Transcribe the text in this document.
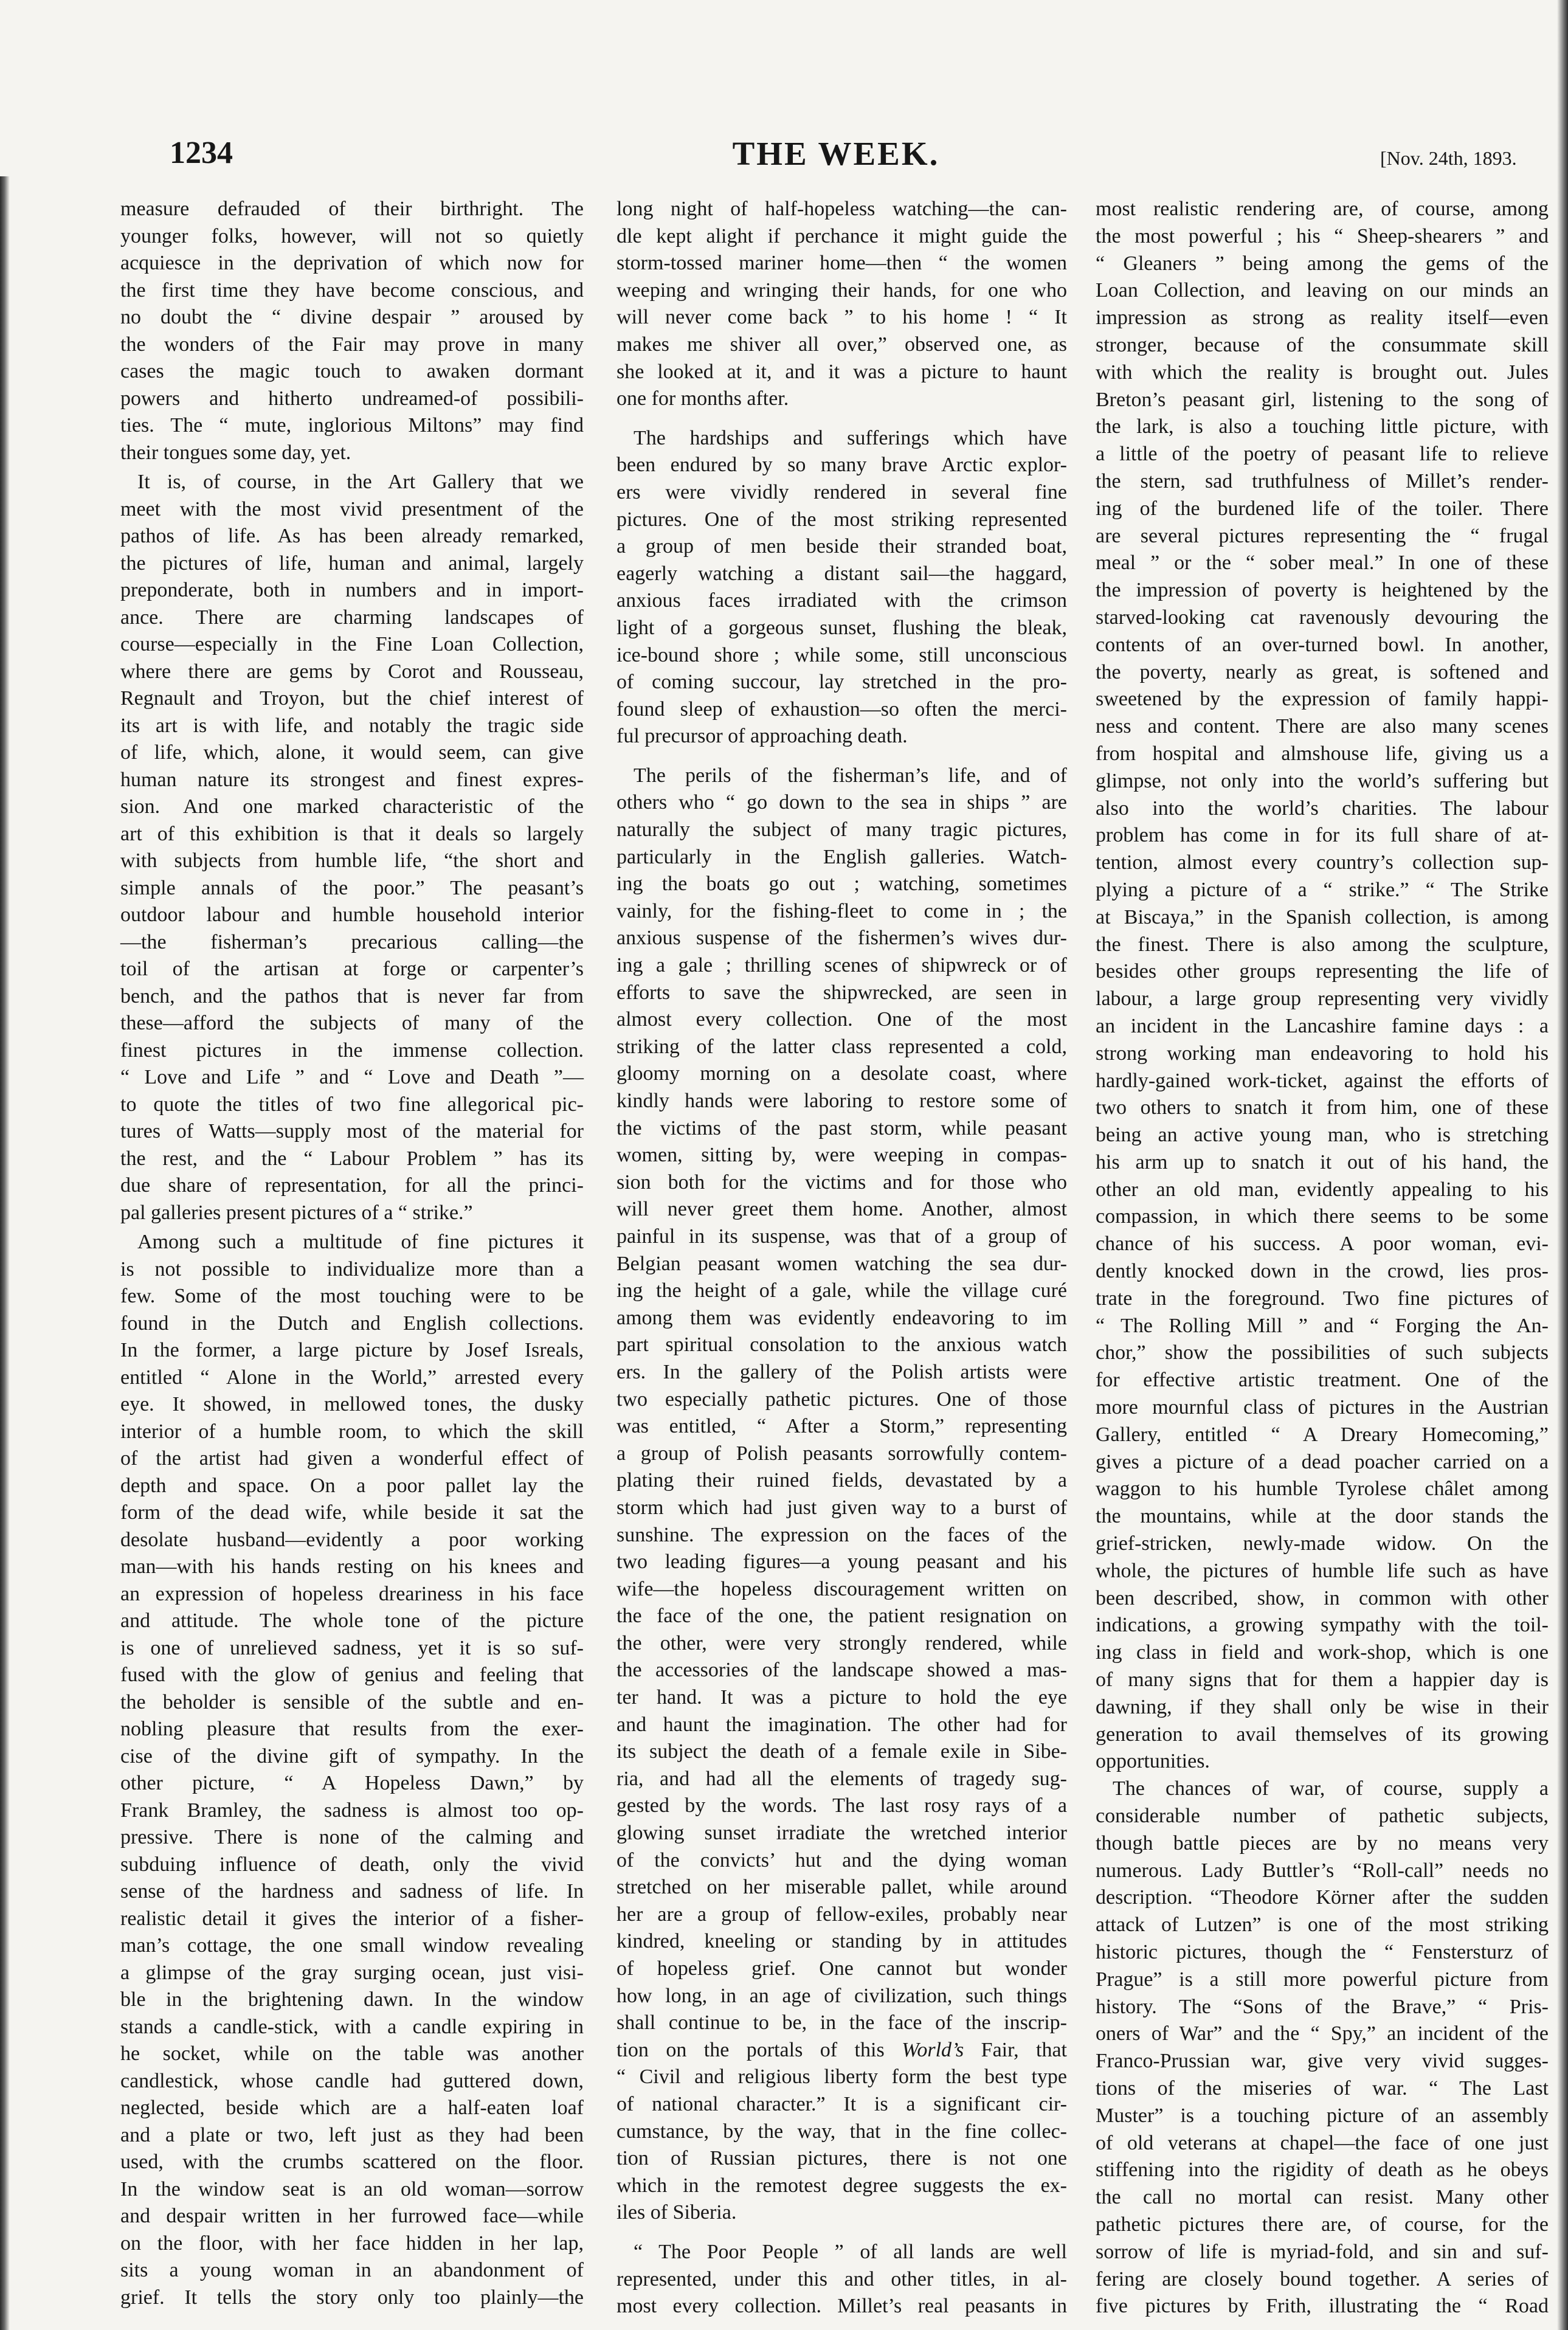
1234	THE WEEK.	[Nov. 24th, 1893.
measure defrauded of their birthright. The
younger folks, however, will not so quietly
acquiesce in the deprivation of which now for
the first time they have become conscious, and
no doubt the “ divine despair ” aroused by
the wonders of the Fair may prove in many
cases the magic touch to awaken dormant
powers and hitherto undreamed-of possibili-
ties. The “ mute, inglorious Miltons” may find
their tongues some day, yet.
It is, of course, in the Art Gallery that we
meet with the most vivid presentment of the
pathos of life. As has been already remarked,
the pictures of life, human and animal, largely
preponderate, both in numbers and in import-
ance. There are charming landscapes of
course—especially in the Fine Loan Collection,
where there are gems by Corot and Rousseau,
Regnault and Troyon, but the chief interest of
its art is with life, and notably the tragic side
of life, which, alone, it would seem, can give
human nature its strongest and finest expres-
sion. And one marked characteristic of the
art of this exhibition is that it deals so largely
with subjects from humble life, “the short and
simple annals of the poor.” The peasant’s
outdoor labour and humble household interior
—the fisherman’s precarious calling—the
toil of the artisan at forge or carpenter’s
bench, and the pathos that is never far from
these—afford the subjects of many of the
finest pictures in the immense collection.
“ Love and Life ” and “ Love and Death ”—
to quote the titles of two fine allegorical pic-
tures of Watts—supply most of the material for
the rest, and the “ Labour Problem ” has its
due share of representation, for all the princi-
pal galleries present pictures of a “ strike.”
Among such a multitude of fine pictures it
is not possible to individualize more than a
few. Some of the most touching were to be
found in the Dutch and English collections.
In the former, a large picture by Josef Isreals,
entitled “ Alone in the World,” arrested every
eye. It showed, in mellowed tones, the dusky
interior of a humble room, to which the skill
of the artist had given a wonderful effect of
depth and space. On a poor pallet lay the
form of the dead wife, while beside it sat the
desolate husband—evidently a poor working
man—with his hands resting on his knees and
an expression of hopeless dreariness in his face
and attitude. The whole tone of the picture
is one of unrelieved sadness, yet it is so suf-
fused with the glow of genius and feeling that
the beholder is sensible of the subtle and en-
nobling pleasure that results from the exer-
cise of the divine gift of sympathy. In the
other picture, “ A Hopeless Dawn,” by
Frank Bramley, the sadness is almost too op-
pressive. There is none of the calming and
subduing influence of death, only the vivid
sense of the hardness and sadness of life. In
realistic detail it gives the interior of a fisher-
man’s cottage, the one small window revealing
a glimpse of the gray surging ocean, just visi-
ble in the brightening dawn. In the window
stands a candle-stick, with a candle expiring in
he socket, while on the table was another
candlestick, whose candle had guttered down,
neglected, beside which are a half-eaten loaf
and a plate or two, left just as they had been
used, with the crumbs scattered on the floor.
In the window seat is an old woman—sorrow
and despair written in her furrowed face—while
on the floor, with her face hidden in her lap,
sits a young woman in an abandonment of
grief. It tells the story only too plainly—the
long night of half-hopeless watching—the can-
dle kept alight if perchance it might guide the
storm-tossed mariner home—then “ the women
weeping and wringing their hands, for one who
will never come back ” to his home ! “ It
makes me shiver all over,” observed one, as
she looked at it, and it was a picture to haunt
one for months after.
The hardships and sufferings which have
been endured by so many brave Arctic explor-
ers were vividly rendered in several fine
pictures. One of the most striking represented
a group of men beside their stranded boat,
eagerly watching a distant sail—the haggard,
anxious faces irradiated with the crimson
light of a gorgeous sunset, flushing the bleak,
ice-bound shore ; while some, still unconscious
of coming succour, lay stretched in the pro-
found sleep of exhaustion—so often the merci-
ful precursor of approaching death.
The perils of the fisherman’s life, and of
others who “ go down to the sea in ships ” are
naturally the subject of many tragic pictures,
particularly in the English galleries. Watch-
ing the boats go out ; watching, sometimes
vainly, for the fishing-fleet to come in ; the
anxious suspense of the fishermen’s wives dur-
ing a gale ; thrilling scenes of shipwreck or of
efforts to save the shipwrecked, are seen in
almost every collection. One of the most
striking of the latter class represented a cold,
gloomy morning on a desolate coast, where
kindly hands were laboring to restore some of
the victims of the past storm, while peasant
women, sitting by, were weeping in compas-
sion both for the victims and for those who
will never greet them home. Another, almost
painful in its suspense, was that of a group of
Belgian peasant women watching the sea dur-
ing the height of a gale, while the village curé
among them was evidently endeavoring to im
part spiritual consolation to the anxious watch
ers. In the gallery of the Polish artists were
two especially pathetic pictures. One of those
was entitled, “ After a Storm,” representing
a group of Polish peasants sorrowfully contem-
plating their ruined fields, devastated by a
storm which had just given way to a burst of
sunshine. The expression on the faces of the
two leading figures—a young peasant and his
wife—the hopeless discouragement written on
the face of the one, the patient resignation on
the other, were very strongly rendered, while
the accessories of the landscape showed a mas-
ter hand. It was a picture to hold the eye
and haunt the imagination. The other had for
its subject the death of a female exile in Sibe-
ria, and had all the elements of tragedy sug-
gested by the words. The last rosy rays of a
glowing sunset irradiate the wretched interior
of the convicts’ hut and the dying woman
stretched on her miserable pallet, while around
her are a group of fellow-exiles, probably near
kindred, kneeling or standing by in attitudes
of hopeless grief. One cannot but wonder
how long, in an age of civilization, such things
shall continue to be, in the face of the inscrip-
tion on the portals of this World’s Fair, that
“ Civil and religious liberty form the best type
of national character.” It is a significant cir-
cumstance, by the way, that in the fine collec-
tion of Russian pictures, there is not one
which in the remotest degree suggests the ex-
iles of Siberia.
“ The Poor People ” of all lands are well
represented, under this and other titles, in al-
most every collection. Millet’s real peasants in
most realistic rendering are, of course, among
the most powerful ; his “ Sheep-shearers ” and
“ Gleaners ” being among the gems of the
Loan Collection, and leaving on our minds an
impression as strong as reality itself—even
stronger, because of the consummate skill
with which the reality is brought out. Jules
Breton’s peasant girl, listening to the song of
the lark, is also a touching little picture, with
a little of the poetry of peasant life to relieve
the stern, sad truthfulness of Millet’s render-
ing of the burdened life of the toiler. There
are several pictures representing the “ frugal
meal ” or the “ sober meal.” In one of these
the impression of poverty is heightened by the
starved-looking cat ravenously devouring the
contents of an over-turned bowl. In another,
the poverty, nearly as great, is softened and
sweetened by the expression of family happi-
ness and content. There are also many scenes
from hospital and almshouse life, giving us a
glimpse, not only into the world’s suffering but
also into the world’s charities. The labour
problem has come in for its full share of at-
tention, almost every country’s collection sup-
plying a picture of a “ strike.” “ The Strike
at Biscaya,” in the Spanish collection, is among
the finest. There is also among the sculpture,
besides other groups representing the life of
labour, a large group representing very vividly
an incident in the Lancashire famine days : a
strong working man endeavoring to hold his
hardly-gained work-ticket, against the efforts of
two others to snatch it from him, one of these
being an active young man, who is stretching
his arm up to snatch it out of his hand, the
other an old man, evidently appealing to his
compassion, in which there seems to be some
chance of his success. A poor woman, evi-
dently knocked down in the crowd, lies pros-
trate in the foreground. Two fine pictures of
“ The Rolling Mill ” and “ Forging the An-
chor,” show the possibilities of such subjects
for effective artistic treatment. One of the
more mournful class of pictures in the Austrian
Gallery, entitled “ A Dreary Homecoming,”
gives a picture of a dead poacher carried on a
waggon to his humble Tyrolese châlet among
the mountains, while at the door stands the
grief-stricken, newly-made widow. On the
whole, the pictures of humble life such as have
been described, show, in common with other
indications, a growing sympathy with the toil-
ing class in field and work-shop, which is one
of many signs that for them a happier day is
dawning, if they shall only be wise in their
generation to avail themselves of its growing
opportunities.
The chances of war, of course, supply a
considerable number of pathetic subjects,
though battle pieces are by no means very
numerous. Lady Buttler’s “Roll-call” needs no
description. “Theodore Körner after the sudden
attack of Lutzen” is one of the most striking
historic pictures, though the “ Fenstersturz of
Prague” is a still more powerful picture from
history. The “Sons of the Brave,” “ Pris-
oners of War” and the “ Spy,” an incident of the
Franco-Prussian war, give very vivid sugges-
tions of the miseries of war. “ The Last
Muster” is a touching picture of an assembly
of old veterans at chapel—the face of one just
stiffening into the rigidity of death as he obeys
the call no mortal can resist. Many other
pathetic pictures there are, of course, for the
sorrow of life is myriad-fold, and sin and suf-
fering are closely bound together. A series of
five pictures by Frith, illustrating the “ Road
